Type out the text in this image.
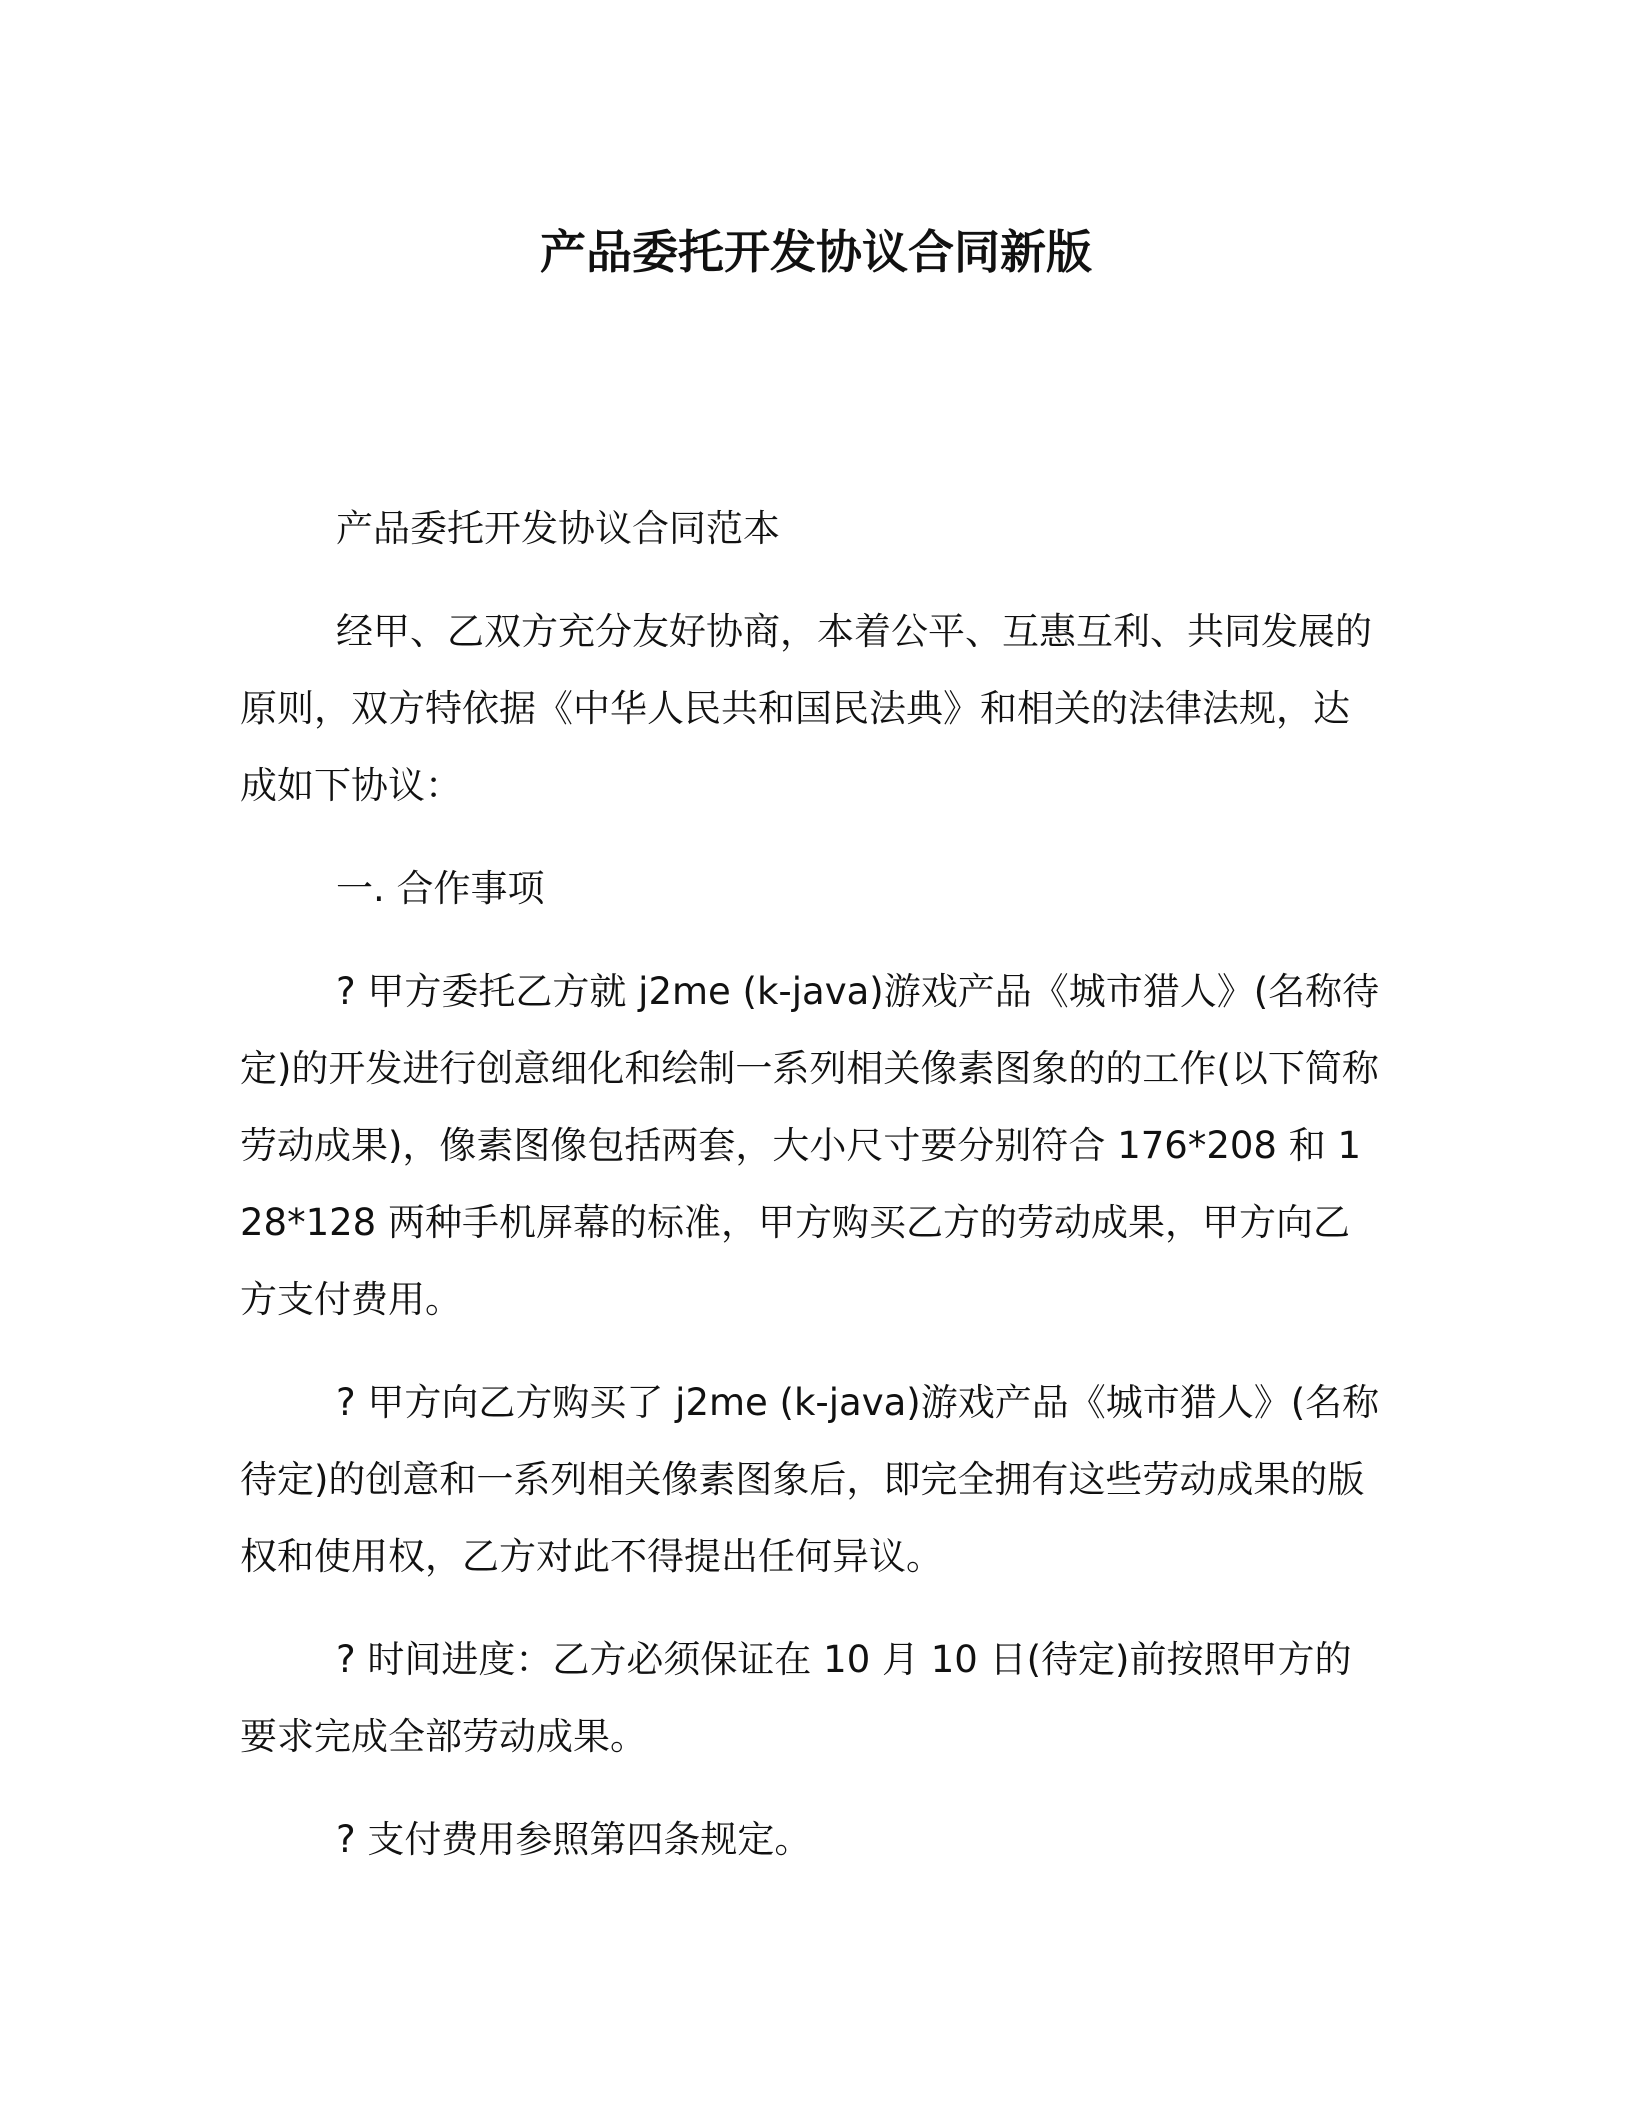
产品委托开发协议合同新版

产品委托开发协议合同范本

经甲、乙双方充分友好协商，本着公平、互惠互利、共同发展的原则，双方特依据《中华人民共和国民法典》和相关的法律法规，达成如下协议：

一. 合作事项

? 甲方委托乙方就 j2me (k-java)游戏产品《城市猎人》(名称待定)的开发进行创意细化和绘制一系列相关像素图象的的工作(以下简称劳动成果)，像素图像包括两套，大小尺寸要分别符合 176*208 和 128*128 两种手机屏幕的标准，甲方购买乙方的劳动成果，甲方向乙方支付费用。

? 甲方向乙方购买了 j2me (k-java)游戏产品《城市猎人》(名称待定)的创意和一系列相关像素图象后，即完全拥有这些劳动成果的版权和使用权，乙方对此不得提出任何异议。

? 时间进度：乙方必须保证在 10 月 10 日(待定)前按照甲方的要求完成全部劳动成果。

? 支付费用参照第四条规定。
